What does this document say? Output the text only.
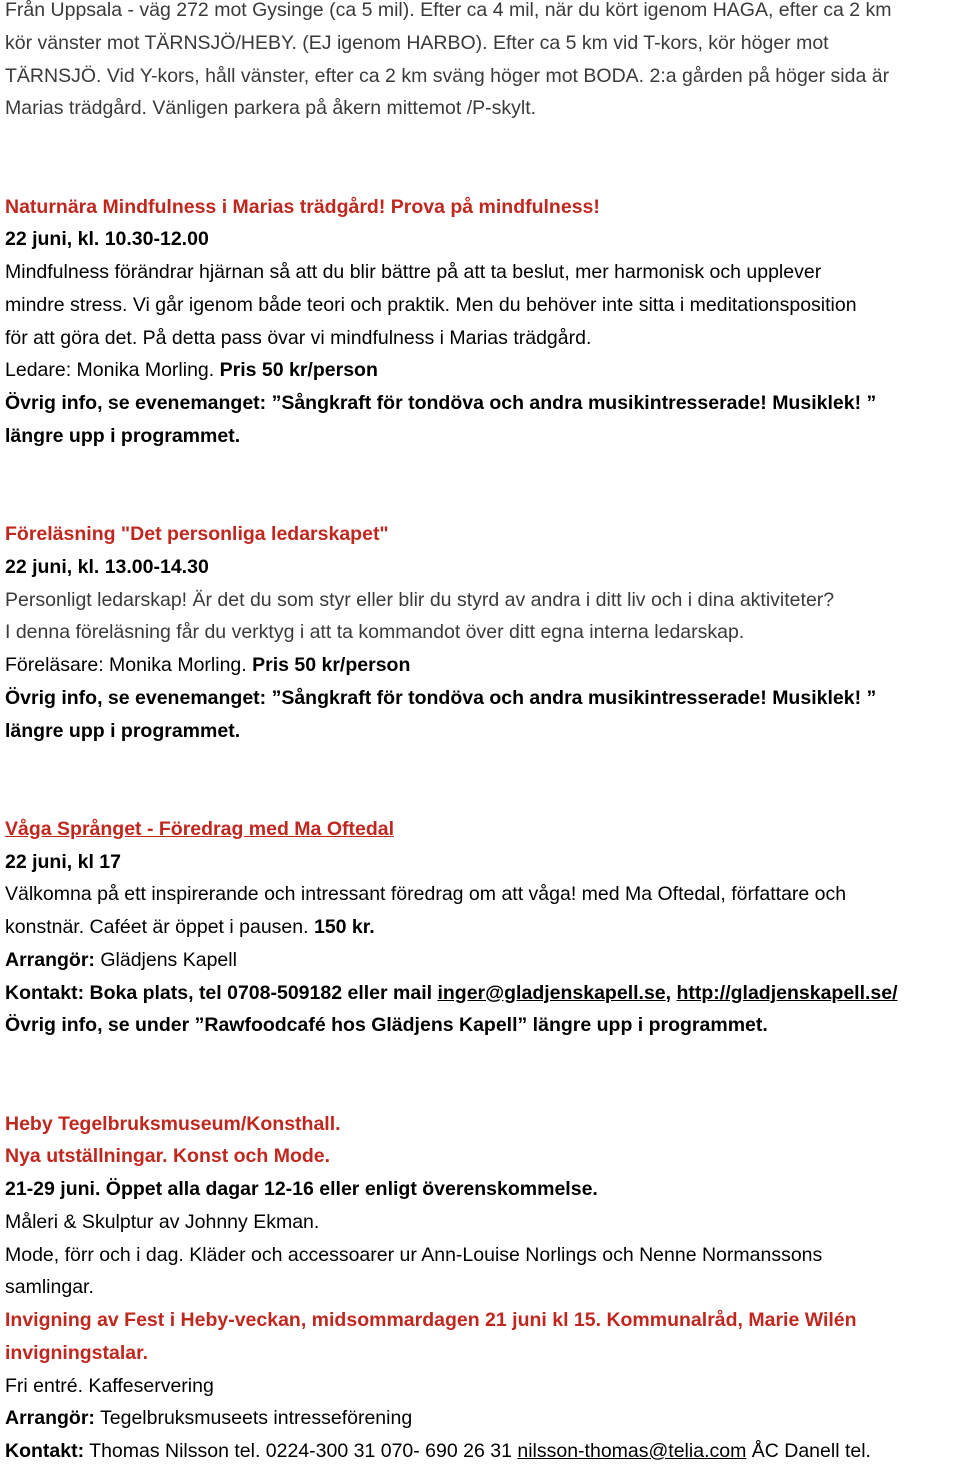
Från Uppsala - väg 272 mot Gysinge (ca 5 mil). Efter ca 4 mil, när du kört igenom HAGA, efter ca 2 km
kör vänster mot TÄRNSJÖ/HEBY. (EJ igenom HARBO). Efter ca 5 km vid T-kors, kör höger mot
TÄRNSJÖ. Vid Y-kors, håll vänster, efter ca 2 km sväng höger mot BODA. 2:a gården på höger sida är
Marias trädgård. Vänligen parkera på åkern mittemot /P-skylt.
Naturnära Mindfulness i Marias trädgård! Prova på mindfulness!
22 juni, kl. 10.30-12.00
Mindfulness förändrar hjärnan så att du blir bättre på att ta beslut, mer harmonisk och upplever
mindre stress. Vi går igenom både teori och praktik. Men du behöver inte sitta i meditationsposition
för att göra det. På detta pass övar vi mindfulness i Marias trädgård.
Ledare: Monika Morling. Pris 50 kr/person
Övrig info, se evenemanget: ”Sångkraft för tondöva och andra musikintresserade! Musiklek! ”
längre upp i programmet.
Föreläsning "Det personliga ledarskapet"
22 juni, kl. 13.00-14.30
Personligt ledarskap! Är det du som styr eller blir du styrd av andra i ditt liv och i dina aktiviteter?
I denna föreläsning får du verktyg i att ta kommandot över ditt egna interna ledarskap.
Föreläsare: Monika Morling. Pris 50 kr/person
Övrig info, se evenemanget: ”Sångkraft för tondöva och andra musikintresserade! Musiklek! ”
längre upp i programmet.
Våga Språnget - Föredrag med Ma Oftedal
22 juni, kl 17
Välkomna på ett inspirerande och intressant föredrag om att våga! med Ma Oftedal, författare och
konstnär. Caféet är öppet i pausen. 150 kr.
Arrangör: Glädjens Kapell
Kontakt: Boka plats, tel 0708-509182 eller mail inger@gladjenskapell.se, http://gladjenskapell.se/
Övrig info, se under ”Rawfoodcafé hos Glädjens Kapell” längre upp i programmet.
Heby Tegelbruksmuseum/Konsthall.
Nya utställningar. Konst och Mode.
21-29 juni. Öppet alla dagar 12-16 eller enligt överenskommelse.
Måleri & Skulptur av Johnny Ekman.
Mode, förr och i dag. Kläder och accessoarer ur Ann-Louise Norlings och Nenne Normanssons
samlingar.
Invigning av Fest i Heby-veckan, midsommardagen 21 juni kl 15. Kommunalråd, Marie Wilén
invigningstalar.
Fri entré. Kaffeservering
Arrangör: Tegelbruksmuseets intresseförening
Kontakt: Thomas Nilsson tel. 0224-300 31 070- 690 26 31 nilsson-thomas@telia.com ÅC Danell tel.
